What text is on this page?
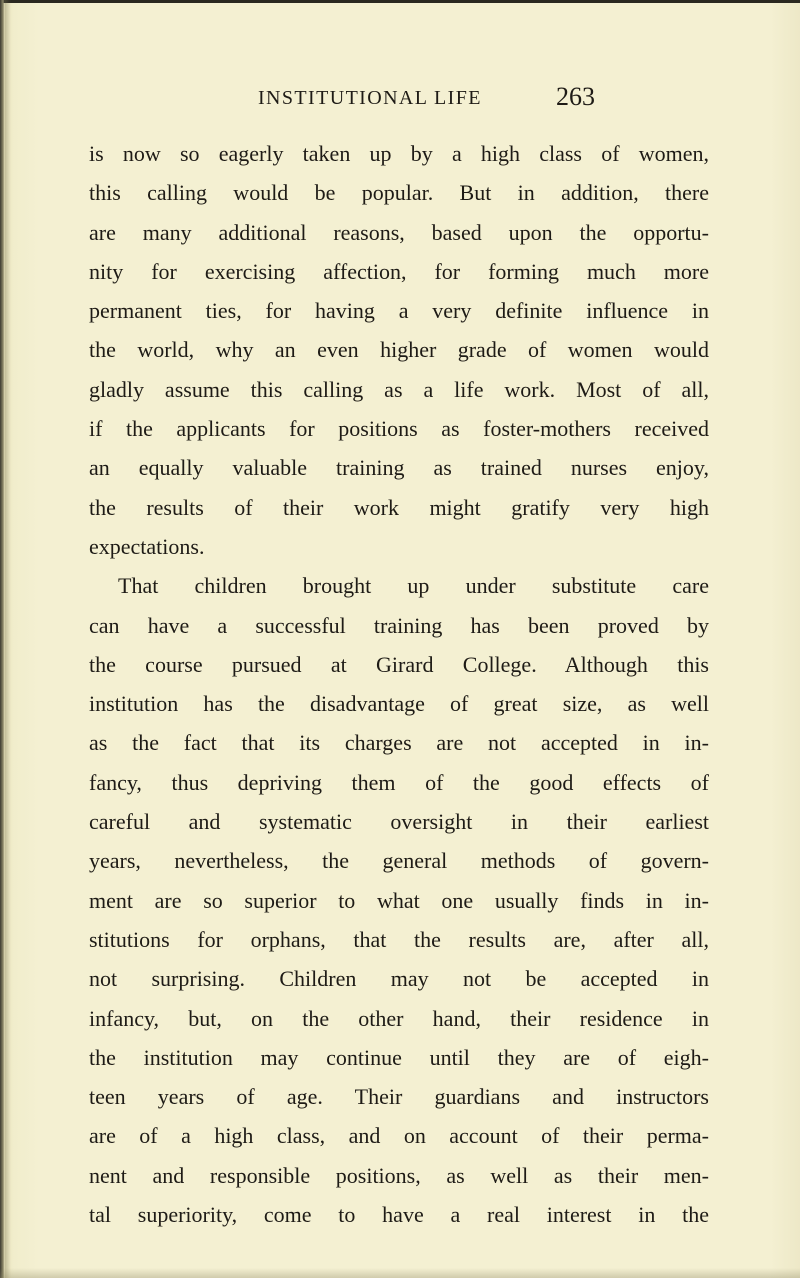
INSTITUTIONAL LIFE	263
is now so eagerly taken up by a high class of women,
this calling would be popular. But in addition, there
are many additional reasons, based upon the opportu-
nity for exercising affection, for forming much more
permanent ties, for having a very definite influence in
the world, why an even higher grade of women would
gladly assume this calling as a life work. Most of all,
if the applicants for positions as foster-mothers received
an equally valuable training as trained nurses enjoy,
the results of their work might gratify very high
expectations.
That children brought up under substitute care
can have a successful training has been proved by
the course pursued at Girard College. Although this
institution has the disadvantage of great size, as well
as the fact that its charges are not accepted in in-
fancy, thus depriving them of the good effects of
careful and systematic oversight in their earliest
years, nevertheless, the general methods of govern-
ment are so superior to what one usually finds in in-
stitutions for orphans, that the results are, after all,
not surprising. Children may not be accepted in
infancy, but, on the other hand, their residence in
the institution may continue until they are of eigh-
teen years of age. Their guardians and instructors
are of a high class, and on account of their perma-
nent and responsible positions, as well as their men-
tal superiority, come to have a real interest in the
